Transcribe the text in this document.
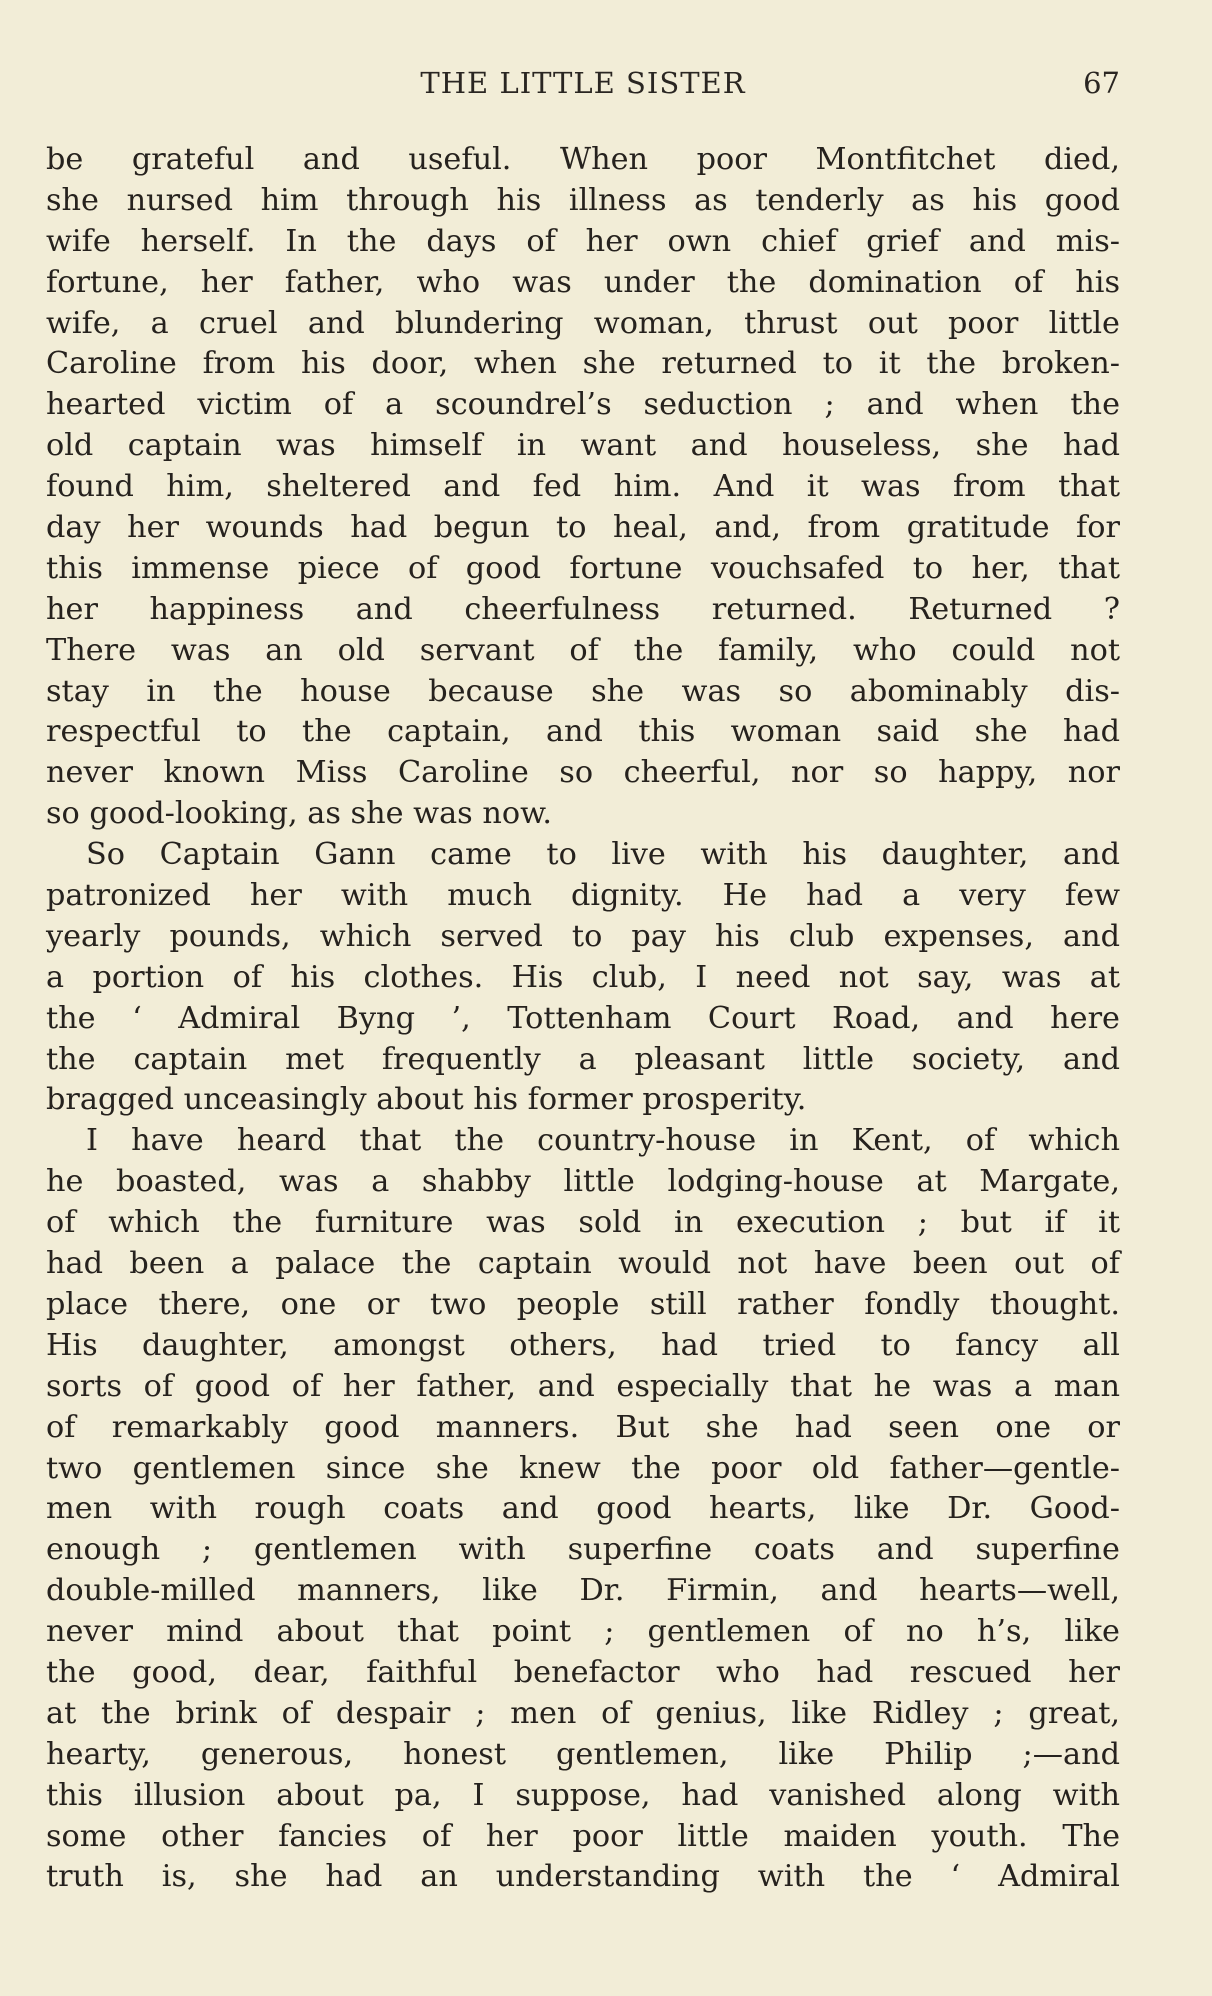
THE LITTLE SISTER	67
be grateful and useful. When poor Montfitchet died,
she nursed him through his illness as tenderly as his good
wife herself. In the days of her own chief grief and mis-
fortune, her father, who was under the domination of his
wife, a cruel and blundering woman, thrust out poor little
Caroline from his door, when she returned to it the broken-
hearted victim of a scoundrel’s seduction ; and when the
old captain was himself in want and houseless, she had
found him, sheltered and fed him. And it was from that
day her wounds had begun to heal, and, from gratitude for
this immense piece of good fortune vouchsafed to her, that
her happiness and cheerfulness returned. Returned ?
There was an old servant of the family, who could not
stay in the house because she was so abominably dis-
respectful to the captain, and this woman said she had
never known Miss Caroline so cheerful, nor so happy, nor
so good-looking, as she was now.
So Captain Gann came to live with his daughter, and
patronized her with much dignity. He had a very few
yearly pounds, which served to pay his club expenses, and
a portion of his clothes. His club, I need not say, was at
the ‘ Admiral Byng ’, Tottenham Court Road, and here
the captain met frequently a pleasant little society, and
bragged unceasingly about his former prosperity.
I have heard that the country-house in Kent, of which
he boasted, was a shabby little lodging-house at Margate,
of which the furniture was sold in execution ; but if it
had been a palace the captain would not have been out of
place there, one or two people still rather fondly thought.
His daughter, amongst others, had tried to fancy all
sorts of good of her father, and especially that he was a man
of remarkably good manners. But she had seen one or
two gentlemen since she knew the poor old father—gentle-
men with rough coats and good hearts, like Dr. Good-
enough ; gentlemen with superfine coats and superfine
double-milled manners, like Dr. Firmin, and hearts—well,
never mind about that point ; gentlemen of no h’s, like
the good, dear, faithful benefactor who had rescued her
at the brink of despair ; men of genius, like Ridley ; great,
hearty, generous, honest gentlemen, like Philip ;—and
this illusion about pa, I suppose, had vanished along with
some other fancies of her poor little maiden youth. The
truth is, she had an understanding with the ‘ Admiral
